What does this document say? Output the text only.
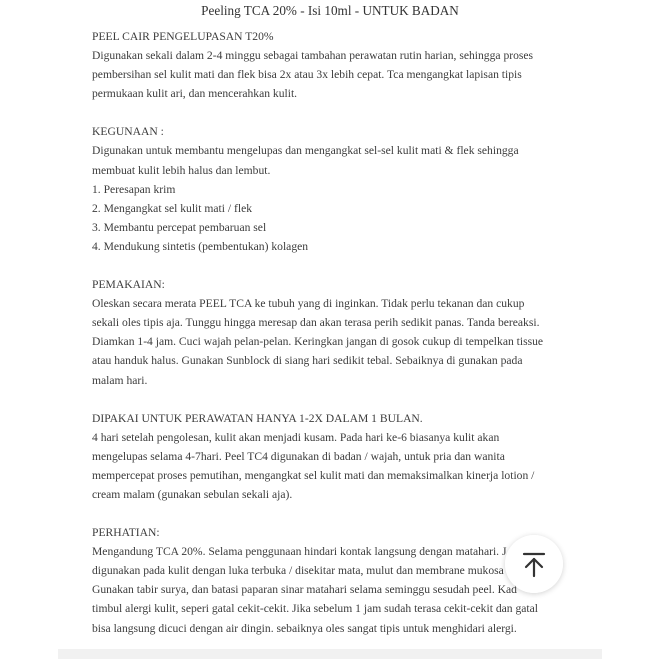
Peeling TCA 20% - Isi 10ml - UNTUK BADAN

PEEL CAIR PENGELUPASAN T20%

Digunakan sekali dalam 2-4 minggu sebagai tambahan perawatan rutin harian, sehingga proses

pembersihan sel kulit mati dan flek bisa 2x atau 3x lebih cepat. Tca mengangkat lapisan tipis

permukaan kulit ari, dan mencerahkan kulit.

KEGUNAAN :

Digunakan untuk membantu mengelupas dan mengangkat sel-sel kulit mati & flek sehingga

membuat kulit lebih halus dan lembut.

1. Peresapan krim

2. Mengangkat sel kulit mati / flek

3. Membantu percepat pembaruan sel

4. Mendukung sintetis (pembentukan) kolagen

PEMAKAIAN:

Oleskan secara merata PEEL TCA ke tubuh yang di inginkan. Tidak perlu tekanan dan cukup

sekali oles tipis aja. Tunggu hingga meresap dan akan terasa perih sedikit panas. Tanda bereaksi.

Diamkan 1-4 jam. Cuci wajah pelan-pelan. Keringkan jangan di gosok cukup di tempelkan tissue

atau handuk halus. Gunakan Sunblock di siang hari sedikit tebal. Sebaiknya di gunakan pada

malam hari.

DIPAKAI UNTUK PERAWATAN HANYA 1-2X DALAM 1 BULAN.

4 hari setelah pengolesan, kulit akan menjadi kusam. Pada hari ke-6 biasanya kulit akan

mengelupas selama 4-7hari. Peel TC4 digunakan di badan / wajah, untuk pria dan wanita

mempercepat proses pemutihan, mengangkat sel kulit mati dan memaksimalkan kinerja lotion /

cream malam (gunakan sebulan sekali aja).

PERHATIAN:

Mengandung TCA 20%. Selama penggunaan hindari kontak langsung dengan matahari. J

digunakan pada kulit dengan luka terbuka / disekitar mata, mulut dan membrane mukosa

Gunakan tabir surya, dan batasi paparan sinar matahari selama seminggu sesudah peel. Kad

timbul alergi kulit, seperi gatal cekit-cekit. Jika sebelum 1 jam sudah terasa cekit-cekit dan gatal

bisa langsung dicuci dengan air dingin. sebaiknya oles sangat tipis untuk menghidari alergi.
